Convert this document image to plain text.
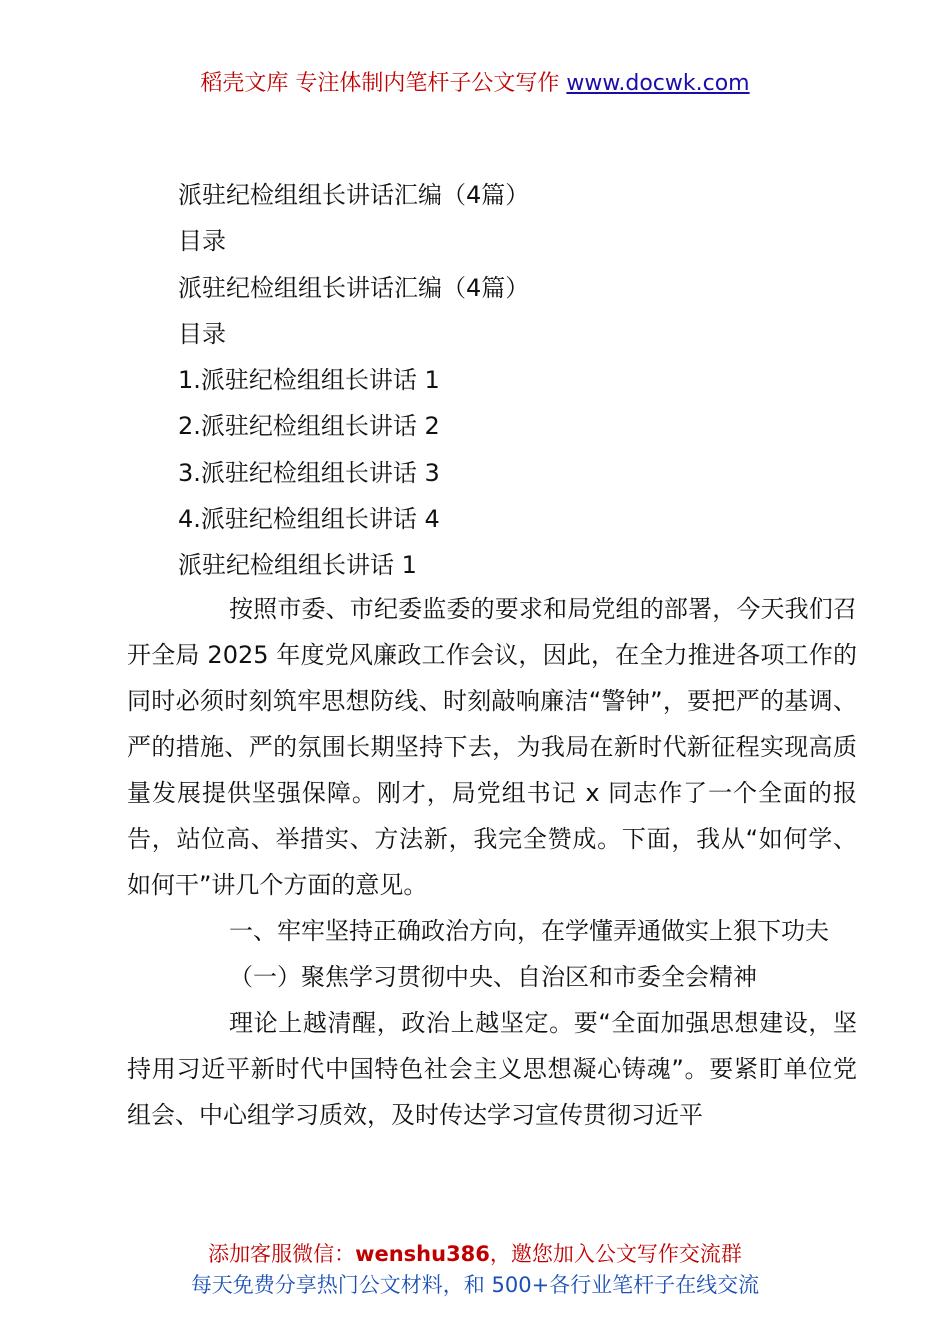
稻壳文库 专注体制内笔杆子公文写作 www.docwk.com
派驻纪检组组长讲话汇编（4篇）
目录
派驻纪检组组长讲话汇编（4篇）
目录
1.派驻纪检组组长讲话 1
2.派驻纪检组组长讲话 2
3.派驻纪检组组长讲话 3
4.派驻纪检组组长讲话 4
派驻纪检组组长讲话 1

按照市委、市纪委监委的要求和局党组的部署，今天我们召开全局 2025 年度党风廉政工作会议，因此，在全力推进各项工作的同时必须时刻筑牢思想防线、时刻敲响廉洁“警钟”，要把严的基调、严的措施、严的氛围长期坚持下去，为我局在新时代新征程实现高质量发展提供坚强保障。刚才，局党组书记 x 同志作了一个全面的报告，站位高、举措实、方法新，我完全赞成。下面，我从“如何学、如何干”讲几个方面的意见。

一、牢牢坚持正确政治方向，在学懂弄通做实上狠下功夫

（一）聚焦学习贯彻中央、自治区和市委全会精神

理论上越清醒，政治上越坚定。要“全面加强思想建设，坚持用习近平新时代中国特色社会主义思想凝心铸魂”。要紧盯单位党组会、中心组学习质效，及时传达学习宣传贯彻习近平

添加客服微信：wenshu386，邀您加入公文写作交流群
每天免费分享热门公文材料，和 500+各行业笔杆子在线交流
